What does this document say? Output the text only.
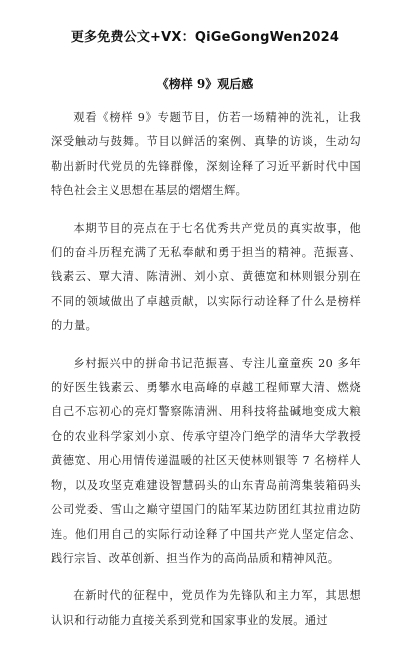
更多免费公文+VX：QiGeGongWen2024
《榜样 9》观后感

观看《榜样 9》专题节目，仿若一场精神的洗礼，让我深受触动与鼓舞。节目以鲜活的案例、真挚的访谈，生动勾勒出新时代党员的先锋群像，深刻诠释了习近平新时代中国特色社会主义思想在基层的熠熠生辉。

本期节目的亮点在于七名优秀共产党员的真实故事，他们的奋斗历程充满了无私奉献和勇于担当的精神。范振喜、钱素云、覃大清、陈清洲、刘小京、黄德宽和林则银分别在不同的领域做出了卓越贡献，以实际行动诠释了什么是榜样的力量。

乡村振兴中的拼命书记范振喜、专注儿童童疾 20 多年的好医生钱素云、勇攀水电高峰的卓越工程师覃大清、燃烧自己不忘初心的亮灯警察陈清洲、用科技将盐碱地变成大粮仓的农业科学家刘小京、传承守望冷门绝学的清华大学教授黄德宽、用心用情传递温暖的社区天使林则银等 7 名榜样人物，以及攻坚克难建设智慧码头的山东青岛前湾集装箱码头公司党委、雪山之巅守望国门的陆军某边防团红其拉甫边防连。他们用自己的实际行动诠释了中国共产党人坚定信念、践行宗旨、改革创新、担当作为的高尚品质和精神风范。

在新时代的征程中，党员作为先锋队和主力军，其思想认识和行动能力直接关系到党和国家事业的发展。通过
